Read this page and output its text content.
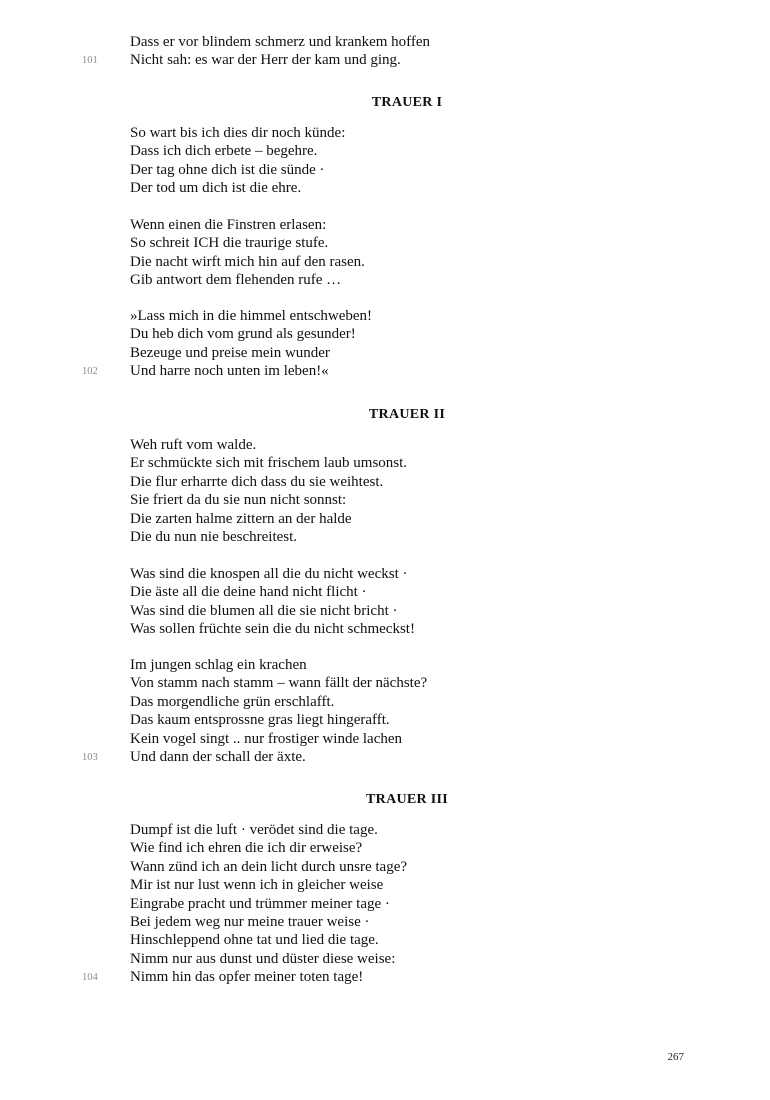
Dass er vor blindem schmerz und krankem hoffen
101 Nicht sah: es war der Herr der kam und ging.
TRAUER I
So wart bis ich dies dir noch künde:
Dass ich dich erbete – begehre.
Der tag ohne dich ist die sünde ·
Der tod um dich ist die ehre.
Wenn einen die Finstren erlasen:
So schreit ICH die traurige stufe.
Die nacht wirft mich hin auf den rasen.
Gib antwort dem flehenden rufe …
»Lass mich in die himmel entschweben!
Du heb dich vom grund als gesunder!
Bezeuge und preise mein wunder
102 Und harre noch unten im leben!«
TRAUER II
Weh ruft vom walde.
Er schmückte sich mit frischem laub umsonst.
Die flur erharrte dich dass du sie weihtest.
Sie friert da du sie nun nicht sonnst:
Die zarten halme zittern an der halde
Die du nun nie beschreitest.
Was sind die knospen all die du nicht weckst ·
Die äste all die deine hand nicht flicht ·
Was sind die blumen all die sie nicht bricht ·
Was sollen früchte sein die du nicht schmeckst!
Im jungen schlag ein krachen
Von stamm nach stamm – wann fällt der nächste?
Das morgendliche grün erschlafft.
Das kaum entsprossne gras liegt hingerafft.
Kein vogel singt .. nur frostiger winde lachen
103 Und dann der schall der äxte.
TRAUER III
Dumpf ist die luft · verödet sind die tage.
Wie find ich ehren die ich dir erweise?
Wann zünd ich an dein licht durch unsre tage?
Mir ist nur lust wenn ich in gleicher weise
Eingrabe pracht und trümmer meiner tage ·
Bei jedem weg nur meine trauer weise ·
Hinschleppend ohne tat und lied die tage.
Nimm nur aus dunst und düster diese weise:
104 Nimm hin das opfer meiner toten tage!
267
